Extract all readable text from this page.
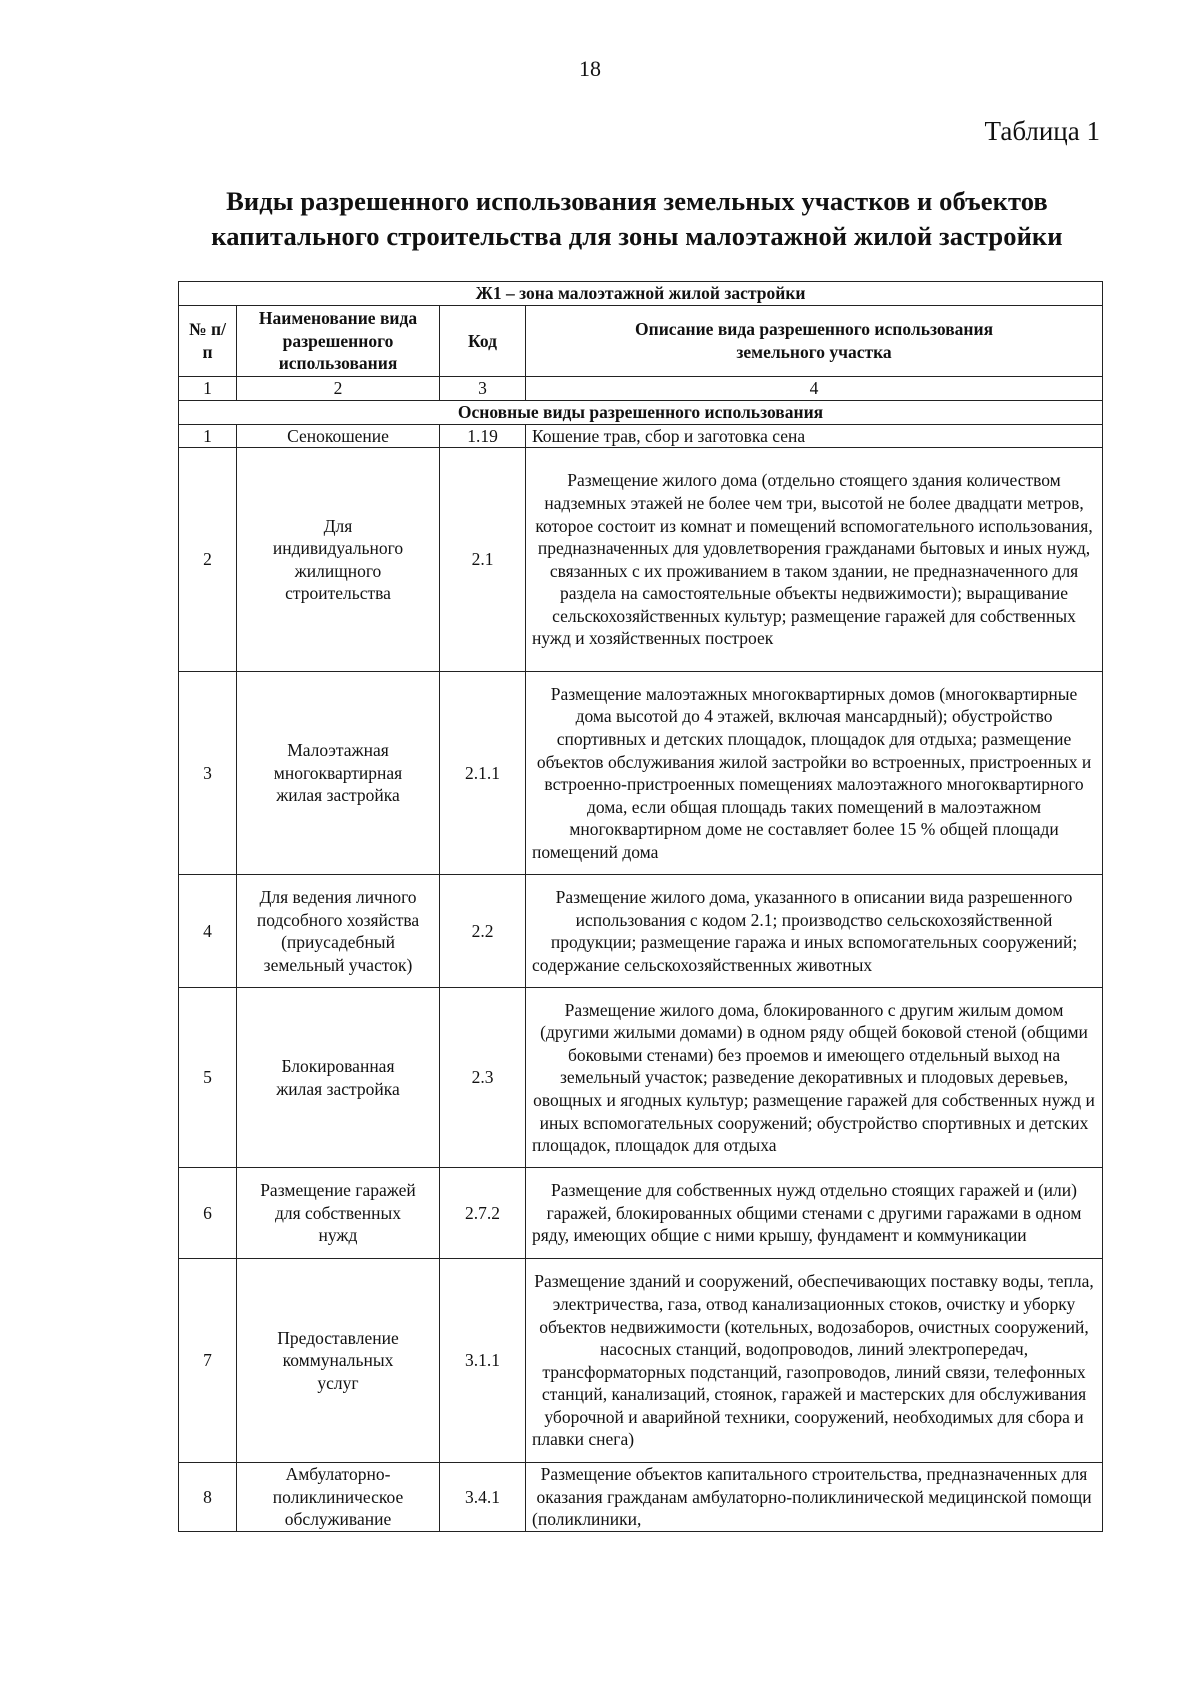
18
Таблица 1
Виды разрешенного использования земельных участков и объектов капитального строительства для зоны малоэтажной жилой застройки
Ж1 – зона малоэтажной жилой застройки			
№ п/п	Наименование вида разрешенного использования	Код	Описание вида разрешенного использования земельного участка
1	2	3	4
Основные виды разрешенного использования			
1	Сенокошение	1.19	Кошение трав, сбор и заготовка сена
2	Для индивидуального жилищного строительства	2.1	Размещение жилого дома (отдельно стоящего здания количеством надземных этажей не более чем три, высотой не более двадцати метров, которое состоит из комнат и помещений вспомогательного использования, предназначенных для удовлетворения гражданами бытовых и иных нужд, связанных с их проживанием в таком здании, не предназначенного для раздела на самостоятельные объекты недвижимости); выращивание сельскохозяйственных культур; размещение гаражей для собственных нужд и хозяйственных построек
3	Малоэтажная многоквартирная жилая застройка	2.1.1	Размещение малоэтажных многоквартирных домов (многоквартирные дома высотой до 4 этажей, включая мансардный); обустройство спортивных и детских площадок, площадок для отдыха; размещение объектов обслуживания жилой застройки во встроенных, пристроенных и встроенно-пристроенных помещениях малоэтажного многоквартирного дома, если общая площадь таких помещений в малоэтажном многоквартирном доме не составляет более 15 % общей площади помещений дома
4	Для ведения личного подсобного хозяйства (приусадебный земельный участок)	2.2	Размещение жилого дома, указанного в описании вида разрешенного использования с кодом 2.1; производство сельскохозяйственной продукции; размещение гаража и иных вспомогательных сооружений; содержание сельскохозяйственных животных
5	Блокированная жилая застройка	2.3	Размещение жилого дома, блокированного с другим жилым домом (другими жилыми домами) в одном ряду общей боковой стеной (общими боковыми стенами) без проемов и имеющего отдельный выход на земельный участок; разведение декоративных и плодовых деревьев, овощных и ягодных культур; размещение гаражей для собственных нужд и иных вспомогательных сооружений; обустройство спортивных и детских площадок, площадок для отдыха
6	Размещение гаражей для собственных нужд	2.7.2	Размещение для собственных нужд отдельно стоящих гаражей и (или) гаражей, блокированных общими стенами с другими гаражами в одном ряду, имеющих общие с ними крышу, фундамент и коммуникации
7	Предоставление коммунальных услуг	3.1.1	Размещение зданий и сооружений, обеспечивающих поставку воды, тепла, электричества, газа, отвод канализационных стоков, очистку и уборку объектов недвижимости (котельных, водозаборов, очистных сооружений, насосных станций, водопроводов, линий электропередач, трансформаторных подстанций, газопроводов, линий связи, телефонных станций, канализаций, стоянок, гаражей и мастерских для обслуживания уборочной и аварийной техники, сооружений, необходимых для сбора и плавки снега)
8	Амбулаторно-поликлиническое обслуживание	3.4.1	Размещение объектов капитального строительства, предназначенных для оказания гражданам амбулаторно-поликлинической медицинской помощи (поликлиники,
